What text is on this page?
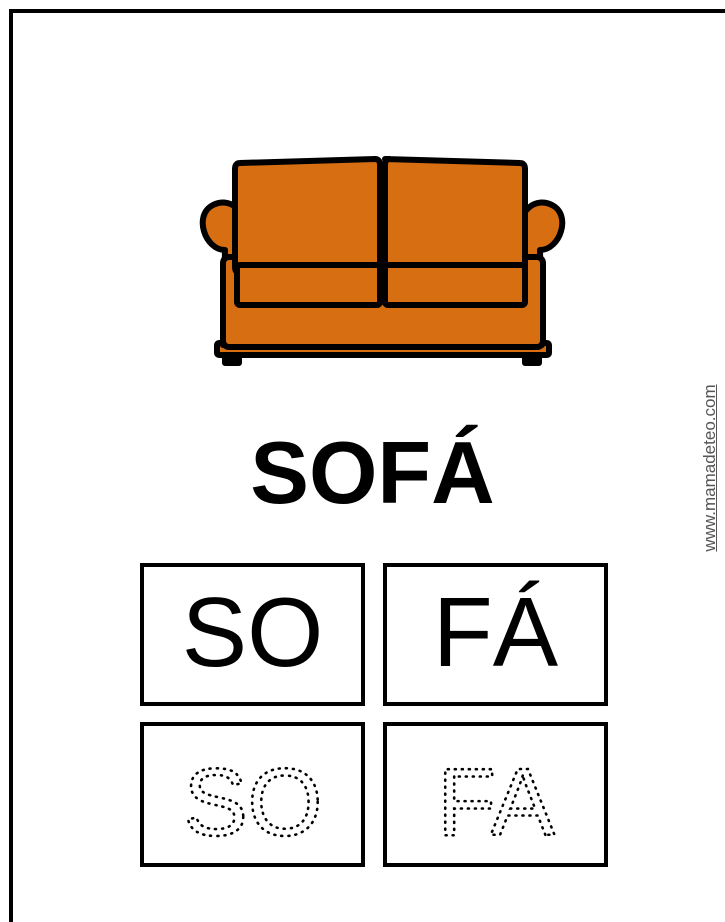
SOFÁ
SO FÁ
SO FA
www.mamadeteo.com
